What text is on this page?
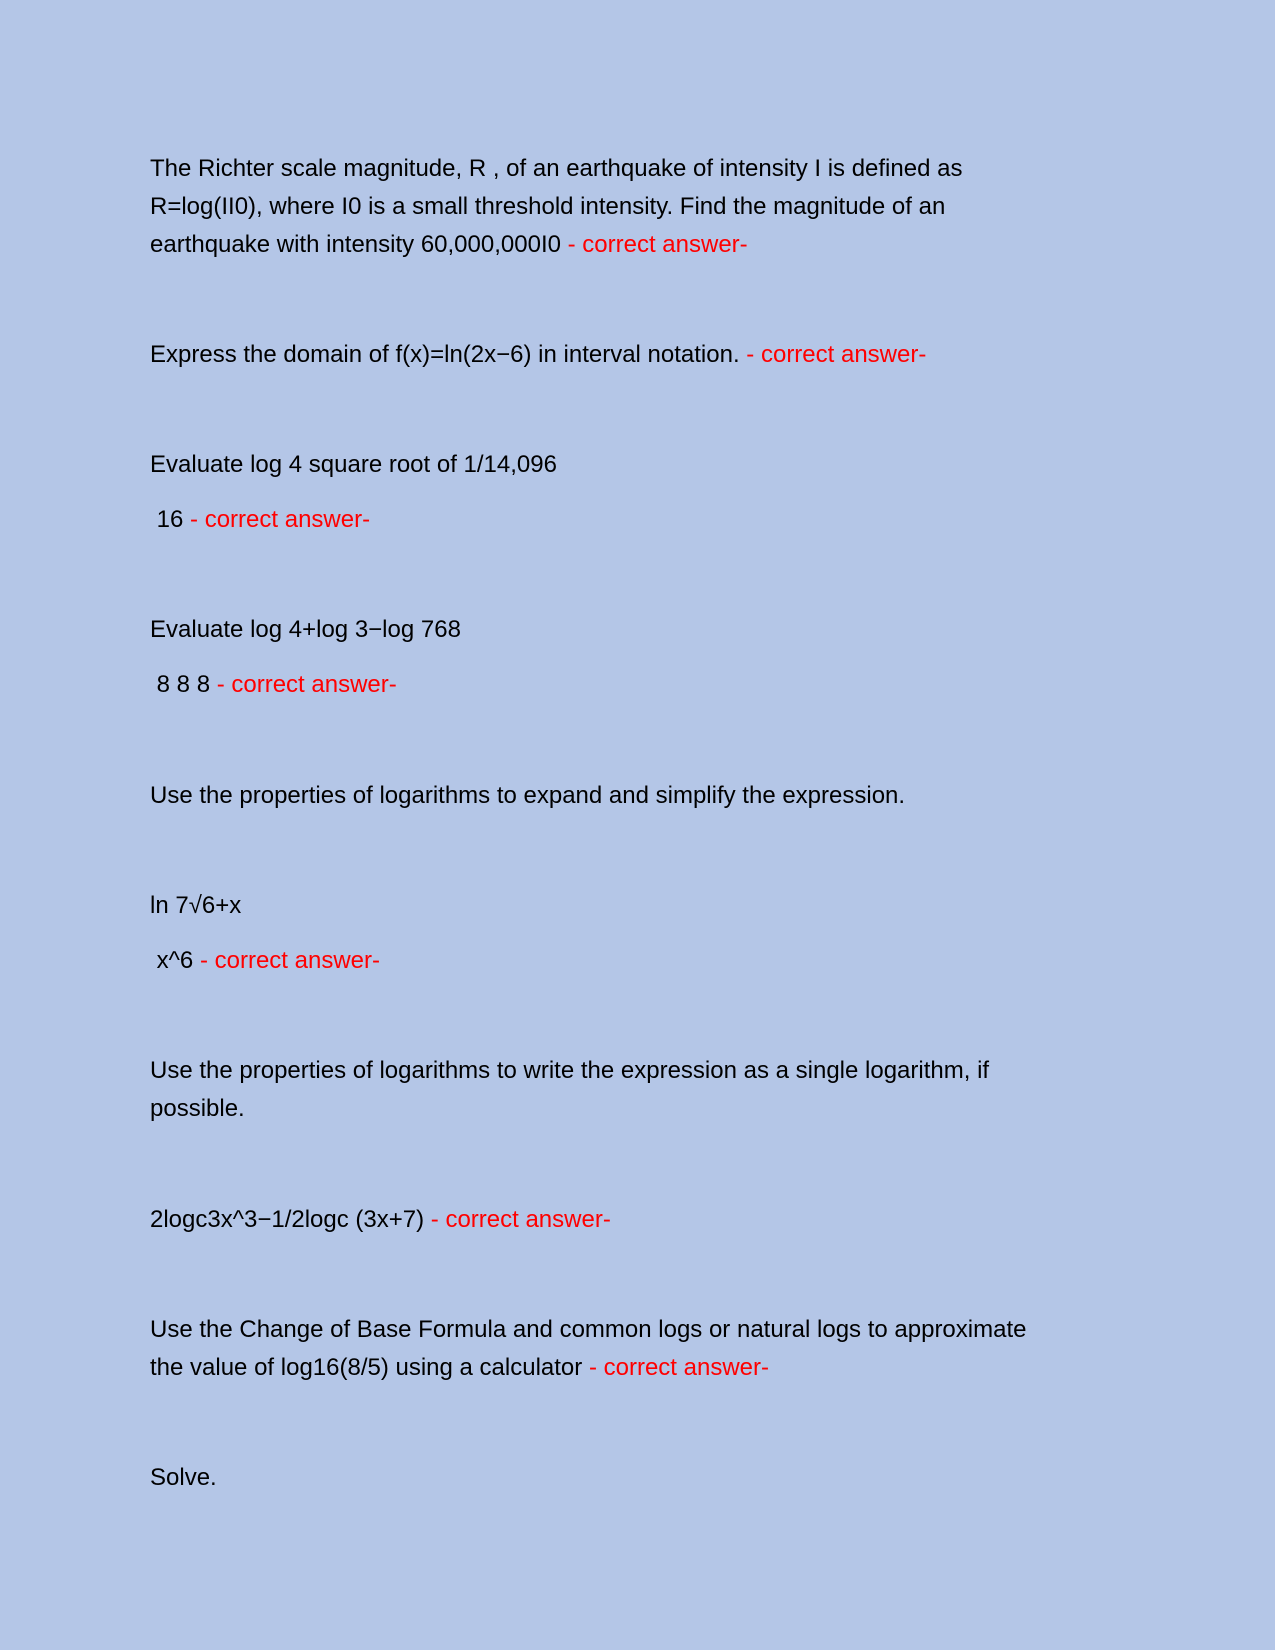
The Richter scale magnitude, R , of an earthquake of intensity I is defined as
R=log(II0), where I0 is a small threshold intensity. Find the magnitude of an
earthquake with intensity 60,000,000I0 - correct answer-
Express the domain of f(x)=ln(2x−6) in interval notation. - correct answer-
Evaluate log 4 square root of 1/14,096
16 - correct answer-
Evaluate log 4+log 3−log 768
8 8 8 - correct answer-
Use the properties of logarithms to expand and simplify the expression.
ln 7√6+x
x^6 - correct answer-
Use the properties of logarithms to write the expression as a single logarithm, if
possible.
2logc3x^3−1/2logc (3x+7) - correct answer-
Use the Change of Base Formula and common logs or natural logs to approximate
the value of log16(8/5) using a calculator - correct answer-
Solve.
